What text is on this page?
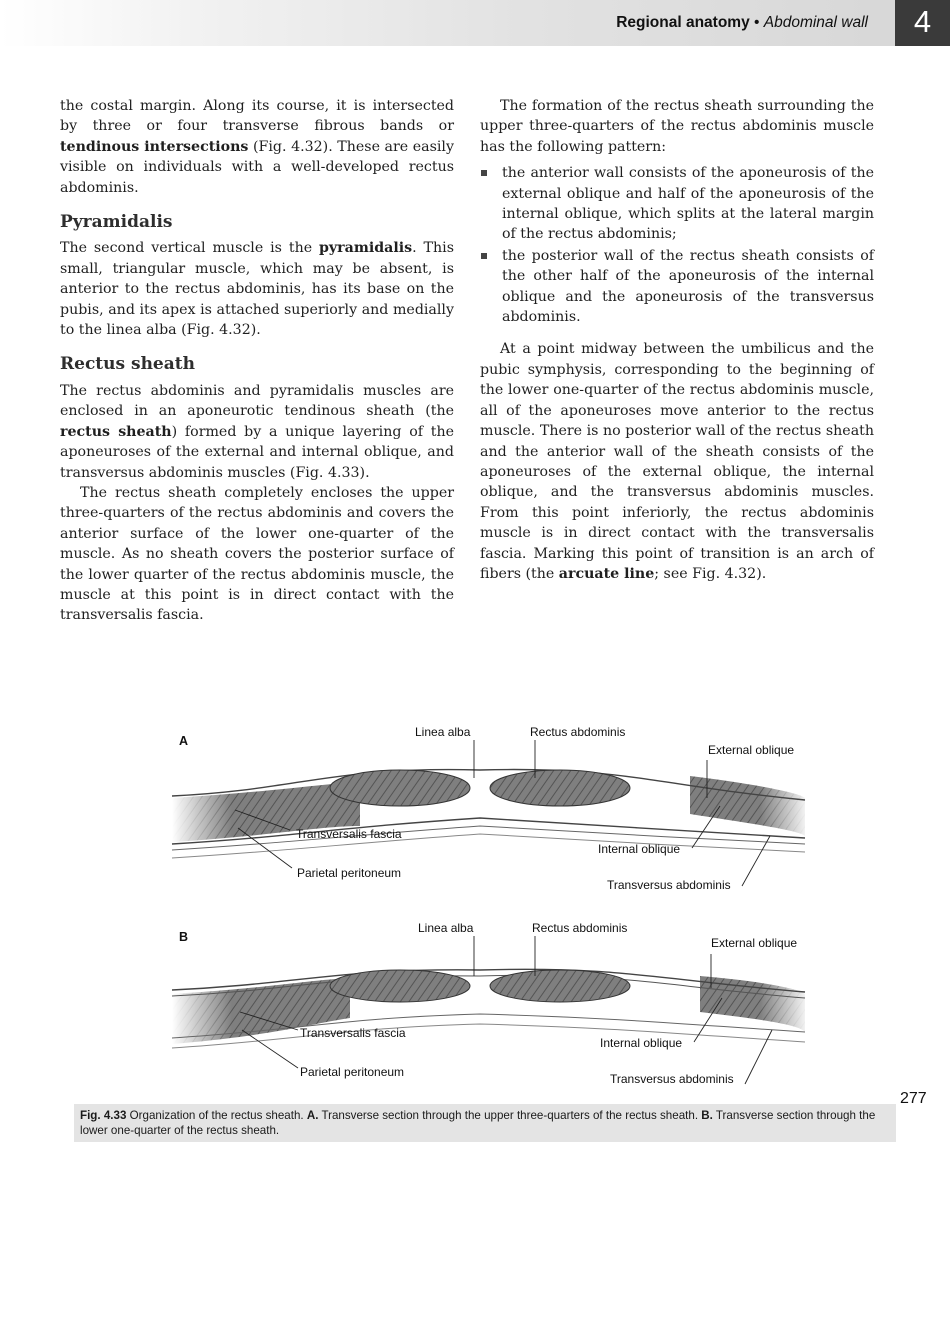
Regional anatomy • Abdominal wall	4

the costal margin. Along its course, it is intersected by three or four transverse fibrous bands or tendinous intersections (Fig. 4.32). These are easily visible on individuals with a well-developed rectus abdominis.

Pyramidalis

The second vertical muscle is the pyramidalis. This small, triangular muscle, which may be absent, is anterior to the rectus abdominis, has its base on the pubis, and its apex is attached superiorly and medially to the linea alba (Fig. 4.32).

Rectus sheath

The rectus abdominis and pyramidalis muscles are enclosed in an aponeurotic tendinous sheath (the rectus sheath) formed by a unique layering of the aponeuroses of the external and internal oblique, and transversus abdominis muscles (Fig. 4.33).

The rectus sheath completely encloses the upper three-quarters of the rectus abdominis and covers the anterior surface of the lower one-quarter of the muscle. As no sheath covers the posterior surface of the lower quarter of the rectus abdominis muscle, the muscle at this point is in direct contact with the transversalis fascia.

The formation of the rectus sheath surrounding the upper three-quarters of the rectus abdominis muscle has the following pattern:

the anterior wall consists of the aponeurosis of the external oblique and half of the aponeurosis of the internal oblique, which splits at the lateral margin of the rectus abdominis;
the posterior wall of the rectus sheath consists of the other half of the aponeurosis of the internal oblique and the aponeurosis of the transversus abdominis.

At a point midway between the umbilicus and the pubic symphysis, corresponding to the beginning of the lower one-quarter of the rectus abdominis muscle, all of the aponeuroses move anterior to the rectus muscle. There is no posterior wall of the rectus sheath and the anterior wall of the sheath consists of the aponeuroses of the external oblique, the internal oblique, and the transversus abdominis muscles. From this point inferiorly, the rectus abdominis muscle is in direct contact with the transversalis fascia. Marking this point of transition is an arch of fibers (the arcuate line; see Fig. 4.32).

A
Linea alba	Rectus abdominis
External oblique
Transversalis fascia
Internal oblique
Parietal peritoneum
Transversus abdominis
B
Linea alba	Rectus abdominis
External oblique
Transversalis fascia
Internal oblique
Parietal peritoneum	Transversus abdominis
Fig. 4.33 Organization of the rectus sheath. A. Transverse section through the upper three-quarters of the rectus sheath. B. Transverse section through the lower one-quarter of the rectus sheath.
277
